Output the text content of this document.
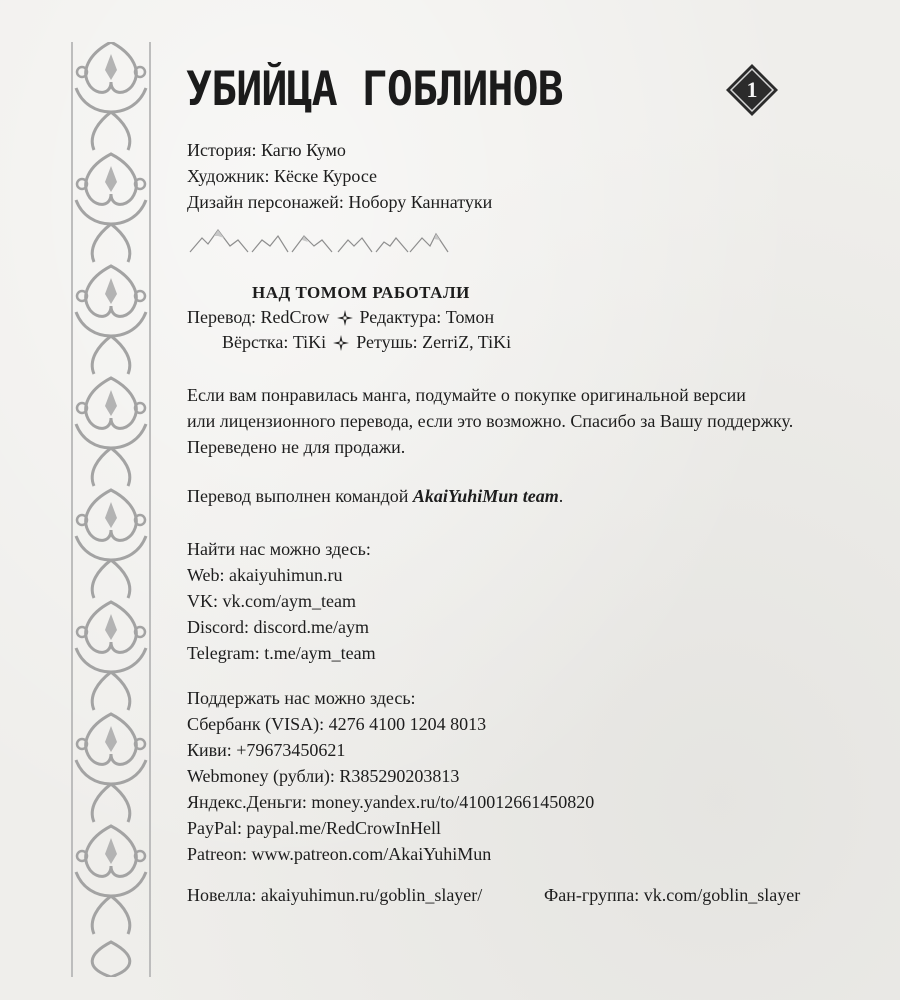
УБИЙЦА ГОБЛИНОВ	1
История: Кагю Кумо
Художник: Кёске Куросе
Дизайн персонажей: Нобору Каннатуки
НАД ТОМОМ РАБОТАЛИ
Перевод: RedCrow Редактура: Томон
Вёрстка: TiKi Ретушь: ZerriZ, TiKi
Если вам понравилась манга, подумайте о покупке оригинальной версии
или лицензионного перевода, если это возможно. Спасибо за Вашу поддержку.
Переведено не для продажи.
Перевод выполнен командой AkaiYuhiMun team.
Найти нас можно здесь:
Web: akaiyuhimun.ru
VK: vk.com/aym_team
Discord: discord.me/aym
Telegram: t.me/aym_team
Поддержать нас можно здесь:
Сбербанк (VISA): 4276 4100 1204 8013
Киви: +79673450621
Webmoney (рубли): R385290203813
Яндекс.Деньги: money.yandex.ru/to/410012661450820
PayPal: paypal.me/RedCrowInHell
Patreon: www.patreon.com/AkaiYuhiMun
Новелла: akaiyuhimun.ru/goblin_slayer/	Фан-группа: vk.com/goblin_slayer
